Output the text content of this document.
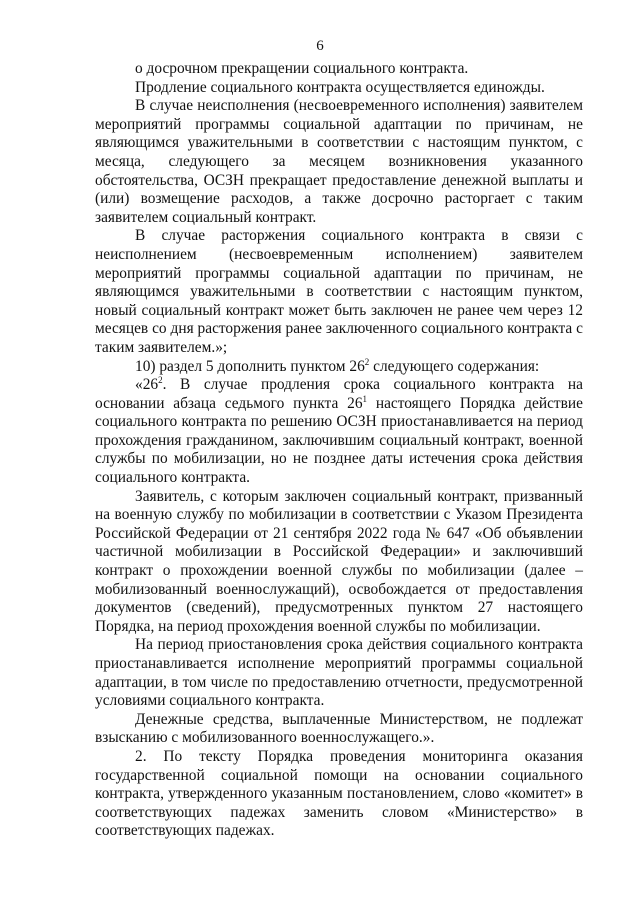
6

о досрочном прекращении социального контракта.

Продление социального контракта осуществляется единожды.

В случае неисполнения (несвоевременного исполнения) заявителем мероприятий программы социальной адаптации по причинам, не являющимся уважительными в соответствии с настоящим пунктом, с месяца, следующего за месяцем возникновения указанного обстоятельства, ОСЗН прекращает предоставление денежной выплаты и (или) возмещение расходов, а также досрочно расторгает с таким заявителем социальный контракт.

В случае расторжения социального контракта в связи с неисполнением (несвоевременным исполнением) заявителем мероприятий программы социальной адаптации по причинам, не являющимся уважительными в соответствии с настоящим пунктом, новый социальный контракт может быть заключен не ранее чем через 12 месяцев со дня расторжения ранее заключенного социального контракта с таким заявителем.»;

10) раздел 5 дополнить пунктом $26^2$ следующего содержания:

«$26^2$. В случае продления срока социального контракта на основании абзаца седьмого пункта $26^1$ настоящего Порядка действие социального контракта по решению ОСЗН приостанавливается на период прохождения гражданином, заключившим социальный контракт, военной службы по мобилизации, но не позднее даты истечения срока действия социального контракта.

Заявитель, с которым заключен социальный контракт, призванный на военную службу по мобилизации в соответствии с Указом Президента Российской Федерации от 21 сентября 2022 года № 647 «Об объявлении частичной мобилизации в Российской Федерации» и заключивший контракт о прохождении военной службы по мобилизации (далее – мобилизованный военнослужащий), освобождается от предоставления документов (сведений), предусмотренных пунктом 27 настоящего Порядка, на период прохождения военной службы по мобилизации.

На период приостановления срока действия социального контракта приостанавливается исполнение мероприятий программы социальной адаптации, в том числе по предоставлению отчетности, предусмотренной условиями социального контракта.

Денежные средства, выплаченные Министерством, не подлежат взысканию с мобилизованного военнослужащего.».

2. По тексту Порядка проведения мониторинга оказания государственной социальной помощи на основании социального контракта, утвержденного указанным постановлением, слово «комитет» в соответствующих падежах заменить словом «Министерство» в соответствующих падежах.
